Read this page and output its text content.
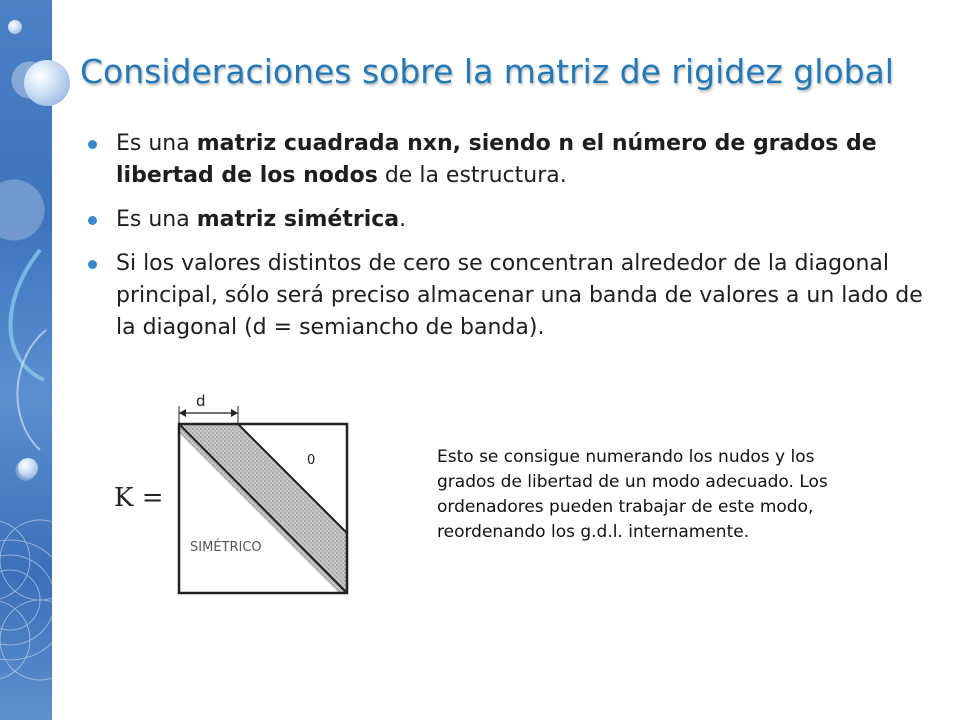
Consideraciones sobre la matriz de rigidez global
Es una matriz cuadrada nxn, siendo n el número de grados de libertad de los nodos de la estructura.
Es una matriz simétrica.
Si los valores distintos de cero se concentran alrededor de la diagonal principal, sólo será preciso almacenar una banda de valores a un lado de la diagonal (d = semiancho de banda).
K =
d
0
SIMÉTRICO
Esto se consigue numerando los nudos y los
grados de libertad de un modo adecuado. Los
ordenadores pueden trabajar de este modo,
reordenando los g.d.l. internamente.
